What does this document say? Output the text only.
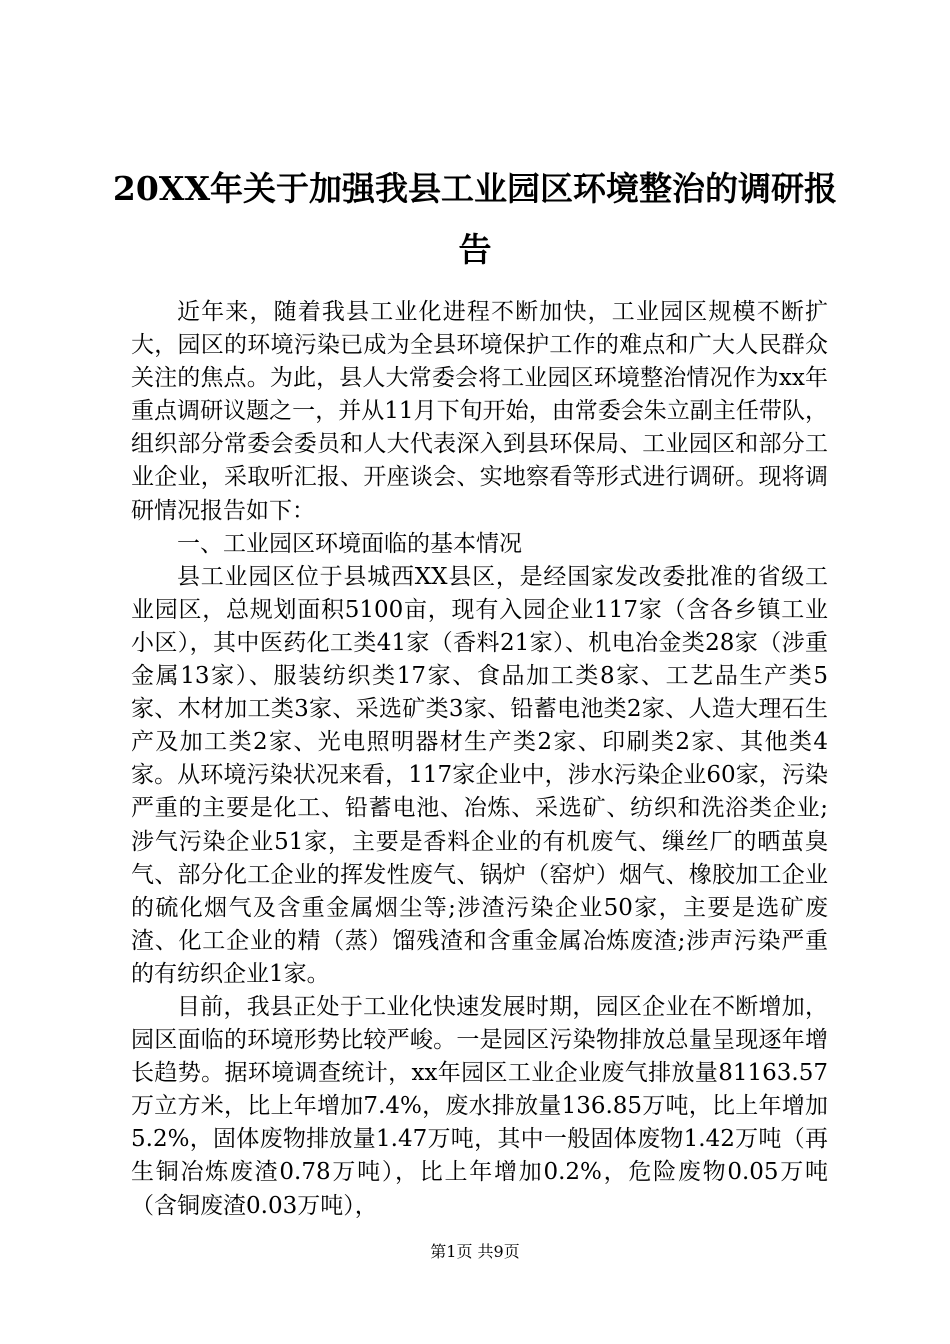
20XX年关于加强我县工业园区环境整治的调研报告

近年来，随着我县工业化进程不断加快，工业园区规模不断扩大，园区的环境污染已成为全县环境保护工作的难点和广大人民群众关注的焦点。为此，县人大常委会将工业园区环境整治情况作为xx年重点调研议题之一，并从11月下旬开始，由常委会朱立副主任带队，组织部分常委会委员和人大代表深入到县环保局、工业园区和部分工业企业，采取听汇报、开座谈会、实地察看等形式进行调研。现将调研情况报告如下：

一、工业园区环境面临的基本情况

县工业园区位于县城西XX县区，是经国家发改委批准的省级工业园区，总规划面积5100亩，现有入园企业117家（含各乡镇工业小区），其中医药化工类41家（香料21家）、机电冶金类28家（涉重金属13家）、服装纺织类17家、食品加工类8家、工艺品生产类5家、木材加工类3家、采选矿类3家、铅蓄电池类2家、人造大理石生产及加工类2家、光电照明器材生产类2家、印刷类2家、其他类4家。从环境污染状况来看，117家企业中，涉水污染企业60家，污染严重的主要是化工、铅蓄电池、冶炼、采选矿、纺织和洗浴类企业;涉气污染企业51家，主要是香料企业的有机废气、缫丝厂的晒茧臭气、部分化工企业的挥发性废气、锅炉（窑炉）烟气、橡胶加工企业的硫化烟气及含重金属烟尘等;涉渣污染企业50家，主要是选矿废渣、化工企业的精（蒸）馏残渣和含重金属冶炼废渣;涉声污染严重的有纺织企业1家。

目前，我县正处于工业化快速发展时期，园区企业在不断增加，园区面临的环境形势比较严峻。一是园区污染物排放总量呈现逐年增长趋势。据环境调查统计，xx年园区工业企业废气排放量81163.57万立方米，比上年增加7.4%，废水排放量136.85万吨，比上年增加5.2%，固体废物排放量1.47万吨，其中一般固体废物1.42万吨（再生铜冶炼废渣0.78万吨），比上年增加0.2%，危险废物0.05万吨（含铜废渣0.03万吨），

第1页 共9页
